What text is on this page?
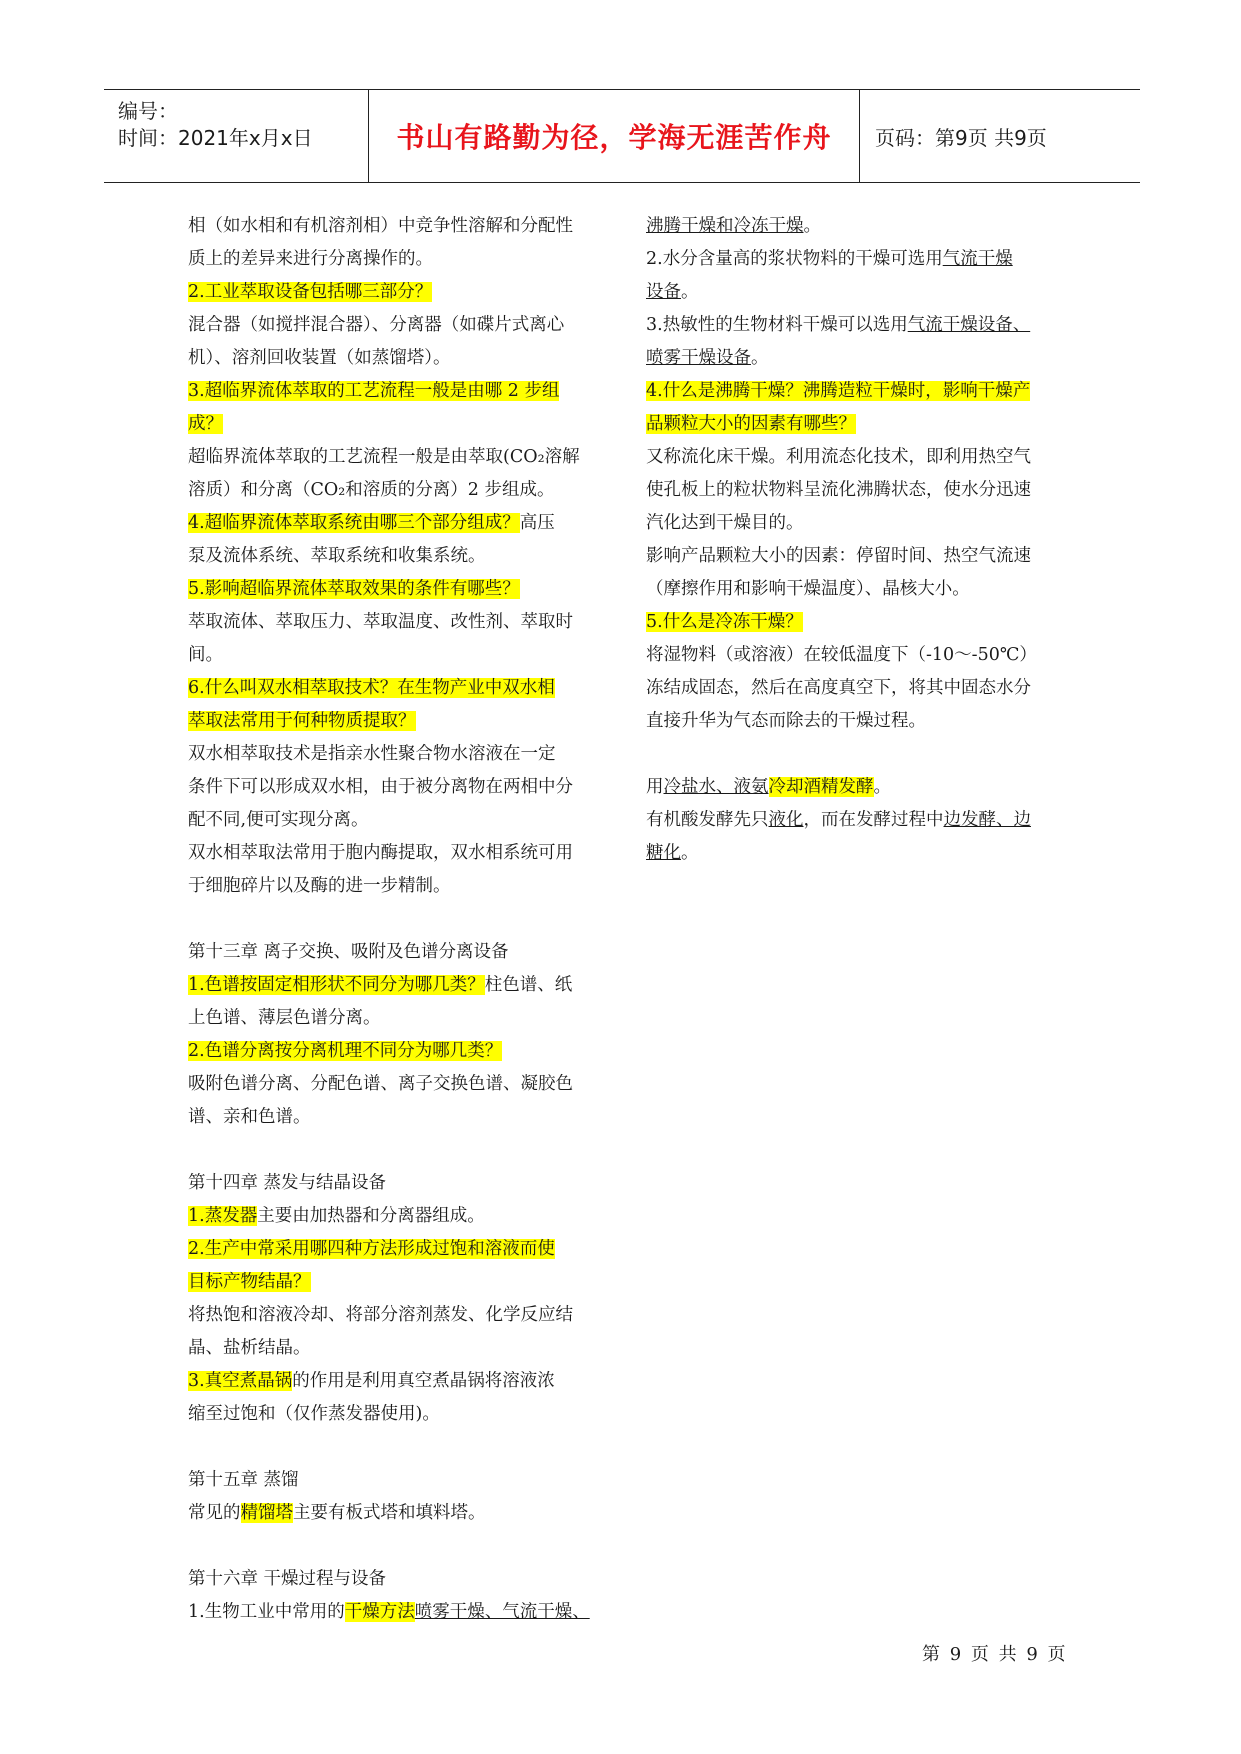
编号：
时间：2021年x月x日	书山有路勤为径，学海无涯苦作舟	页码：第9页 共9页

相（如水相和有机溶剂相）中竞争性溶解和分配性

质上的差异来进行分离操作的。

2.工业萃取设备包括哪三部分？

混合器（如搅拌混合器）、分离器（如碟片式离心

机）、溶剂回收装置（如蒸馏塔）。

3.超临界流体萃取的工艺流程一般是由哪 2 步组

成？

超临界流体萃取的工艺流程一般是由萃取(CO₂溶解

溶质）和分离（CO₂和溶质的分离）2 步组成。

4.超临界流体萃取系统由哪三个部分组成？高压

泵及流体系统、萃取系统和收集系统。

5.影响超临界流体萃取效果的条件有哪些？

萃取流体、萃取压力、萃取温度、改性剂、萃取时

间。

6.什么叫双水相萃取技术？在生物产业中双水相

萃取法常用于何种物质提取？

双水相萃取技术是指亲水性聚合物水溶液在一定

条件下可以形成双水相，由于被分离物在两相中分

配不同,便可实现分离。

双水相萃取法常用于胞内酶提取，双水相系统可用

于细胞碎片以及酶的进一步精制。

第十三章 离子交换、吸附及色谱分离设备

1.色谱按固定相形状不同分为哪几类？柱色谱、纸

上色谱、薄层色谱分离。

2.色谱分离按分离机理不同分为哪几类？

吸附色谱分离、分配色谱、离子交换色谱、凝胶色

谱、亲和色谱。

第十四章 蒸发与结晶设备

1.蒸发器主要由加热器和分离器组成。

2.生产中常采用哪四种方法形成过饱和溶液而使

目标产物结晶？

将热饱和溶液冷却、将部分溶剂蒸发、化学反应结

晶、盐析结晶。

3.真空煮晶锅的作用是利用真空煮晶锅将溶液浓

缩至过饱和（仅作蒸发器使用)。

第十五章 蒸馏

常见的精馏塔主要有板式塔和填料塔。

第十六章 干燥过程与设备

1.生物工业中常用的干燥方法喷雾干燥、气流干燥、

沸腾干燥和冷冻干燥。

2.水分含量高的浆状物料的干燥可选用气流干燥

设备。

3.热敏性的生物材料干燥可以选用气流干燥设备、

喷雾干燥设备。

4.什么是沸腾干燥？沸腾造粒干燥时，影响干燥产

品颗粒大小的因素有哪些？

又称流化床干燥。利用流态化技术，即利用热空气

使孔板上的粒状物料呈流化沸腾状态，使水分迅速

汽化达到干燥目的。

影响产品颗粒大小的因素：停留时间、热空气流速

（摩擦作用和影响干燥温度）、晶核大小。

5.什么是冷冻干燥？

将湿物料（或溶液）在较低温度下（-10～-50℃）

冻结成固态，然后在高度真空下，将其中固态水分

直接升华为气态而除去的干燥过程。

用冷盐水、液氨冷却酒精发酵。

有机酸发酵先只液化，而在发酵过程中边发酵、边

糖化。

第 9 页 共 9 页
